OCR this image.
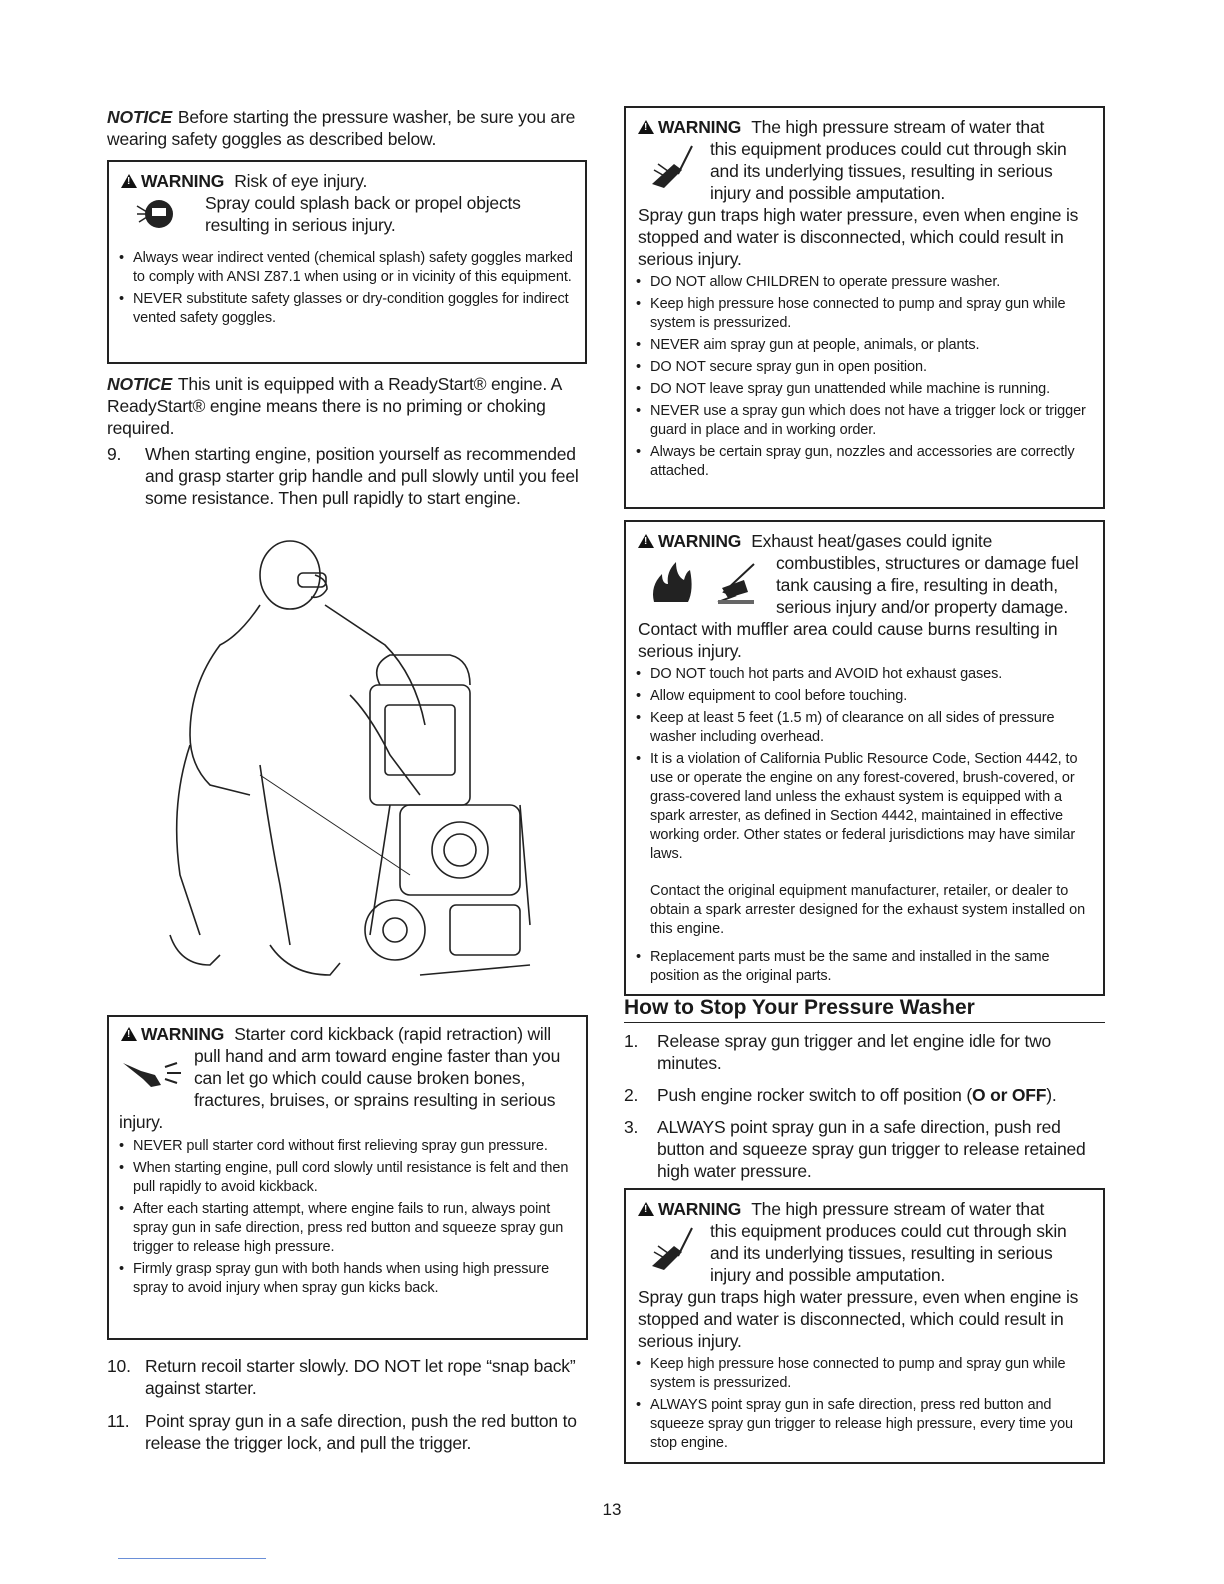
NOTICE Before starting the pressure washer, be sure you are wearing safety goggles as described below.

!WARNING Risk of eye injury.
Spray could splash back or propel objects
resulting in serious injury.
• Always wear indirect vented (chemical splash) safety goggles marked to comply with ANSI Z87.1 when using or in vicinity of this equipment.
• NEVER substitute safety glasses or dry-condition goggles for indirect vented safety goggles.

NOTICE This unit is equipped with a ReadyStart® engine. A ReadyStart® engine means there is no priming or choking required.

9. When starting engine, position yourself as recommended and grasp starter grip handle and pull slowly until you feel some resistance. Then pull rapidly to start engine.
!WARNING Starter cord kickback (rapid retraction) will
pull hand and arm toward engine faster than you
can let go which could cause broken bones,
fractures, bruises, or sprains resulting in serious
injury.
• NEVER pull starter cord without first relieving spray gun pressure.
• When starting engine, pull cord slowly until resistance is felt and then pull rapidly to avoid kickback.
• After each starting attempt, where engine fails to run, always point spray gun in safe direction, press red button and squeeze spray gun trigger to release high pressure.
• Firmly grasp spray gun with both hands when using high pressure spray to avoid injury when spray gun kicks back.
10. Return recoil starter slowly. DO NOT let rope “snap back” against starter.
11. Point spray gun in a safe direction, push the red button to release the trigger lock, and pull the trigger.
!WARNING The high pressure stream of water that
this equipment produces could cut through skin
and its underlying tissues, resulting in serious
injury and possible amputation.
Spray gun traps high water pressure, even when engine is stopped and water is disconnected, which could result in serious injury.
• DO NOT allow CHILDREN to operate pressure washer.
• Keep high pressure hose connected to pump and spray gun while system is pressurized.
• NEVER aim spray gun at people, animals, or plants.
• DO NOT secure spray gun in open position.
• DO NOT leave spray gun unattended while machine is running.
• NEVER use a spray gun which does not have a trigger lock or trigger guard in place and in working order.
• Always be certain spray gun, nozzles and accessories are correctly attached.
!WARNING Exhaust heat/gases could ignite
combustibles, structures or damage fuel
tank causing a fire, resulting in death,
serious injury and/or property damage.
Contact with muffler area could cause burns resulting in serious injury.
• DO NOT touch hot parts and AVOID hot exhaust gases.
• Allow equipment to cool before touching.
• Keep at least 5 feet (1.5 m) of clearance on all sides of pressure washer including overhead.
• It is a violation of California Public Resource Code, Section 4442, to use or operate the engine on any forest-covered, brush-covered, or grass-covered land unless the exhaust system is equipped with a spark arrester, as defined in Section 4442, maintained in effective working order. Other states or federal jurisdictions may have similar laws.
Contact the original equipment manufacturer, retailer, or dealer to obtain a spark arrester designed for the exhaust system installed on this engine.
• Replacement parts must be the same and installed in the same position as the original parts.
How to Stop Your Pressure Washer
1. Release spray gun trigger and let engine idle for two minutes.
2. Push engine rocker switch to off position (O or OFF).
3. ALWAYS point spray gun in a safe direction, push red button and squeeze spray gun trigger to release retained high water pressure.
!WARNING The high pressure stream of water that
this equipment produces could cut through skin
and its underlying tissues, resulting in serious
injury and possible amputation.
Spray gun traps high water pressure, even when engine is stopped and water is disconnected, which could result in serious injury.
• Keep high pressure hose connected to pump and spray gun while system is pressurized.
• ALWAYS point spray gun in safe direction, press red button and squeeze spray gun trigger to release high pressure, every time you stop engine.
13
